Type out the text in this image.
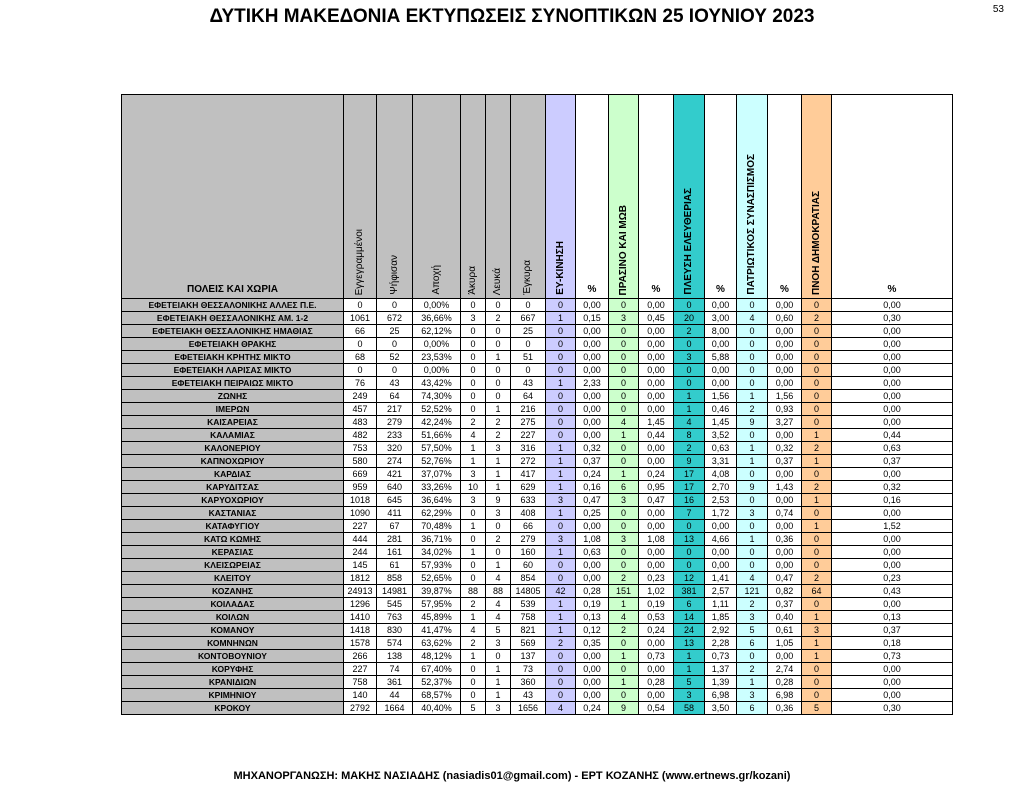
ΔΥΤΙΚΗ ΜΑΚΕΔΟΝΙΑ ΕΚΤΥΠΩΣΕΙΣ ΣΥΝΟΠΤΙΚΩΝ 25 ΙΟΥΝΙΟΥ 2023	53
ΠΟΛΕΙΣ ΚΑΙ ΧΩΡΙΑ	Εγγεγραμμένοι	Ψήφισαν	Αποχή	Άκυρα	Λευκά	Έγκυρα	ΕΥ-ΚΙΝΗΣΗ	%	ΠΡΑΣΙΝΟ ΚΑΙ ΜΩΒ	%	ΠΛΕΥΣΗ ΕΛΕΥΘΕΡΙΑΣ	%	ΠΑΤΡΙΩΤΙΚΟΣ ΣΥΝΑΣΠΙΣΜΟΣ	%	ΠΝΟΗ ΔΗΜΟΚΡΑΤΙΑΣ	%
ΕΦΕΤΕΙΑΚΗ ΘΕΣΣΑΛΟΝΙΚΗΣ ΑΛΛΕΣ Π.Ε.	0	0	0,00%	0	0	0	0	0,00	0	0,00	0	0,00	0	0,00	0	0,00
ΕΦΕΤΕΙΑΚΗ ΘΕΣΣΑΛΟΝΙΚΗΣ ΑΜ. 1-2	1061	672	36,66%	3	2	667	1	0,15	3	0,45	20	3,00	4	0,60	2	0,30
ΕΦΕΤΕΙΑΚΗ ΘΕΣΣΑΛΟΝΙΚΗΣ ΗΜΑΘΙΑΣ	66	25	62,12%	0	0	25	0	0,00	0	0,00	2	8,00	0	0,00	0	0,00
ΕΦΕΤΕΙΑΚΗ ΘΡΑΚΗΣ	0	0	0,00%	0	0	0	0	0,00	0	0,00	0	0,00	0	0,00	0	0,00
ΕΦΕΤΕΙΑΚΗ ΚΡΗΤΗΣ ΜΙΚΤΟ	68	52	23,53%	0	1	51	0	0,00	0	0,00	3	5,88	0	0,00	0	0,00
ΕΦΕΤΕΙΑΚΗ ΛΑΡΙΣΑΣ ΜΙΚΤΟ	0	0	0,00%	0	0	0	0	0,00	0	0,00	0	0,00	0	0,00	0	0,00
ΕΦΕΤΕΙΑΚΗ ΠΕΙΡΑΙΩΣ ΜΙΚΤΟ	76	43	43,42%	0	0	43	1	2,33	0	0,00	0	0,00	0	0,00	0	0,00
ΖΩΝΗΣ	249	64	74,30%	0	0	64	0	0,00	0	0,00	1	1,56	1	1,56	0	0,00
ΙΜΕΡΩΝ	457	217	52,52%	0	1	216	0	0,00	0	0,00	1	0,46	2	0,93	0	0,00
ΚΑΙΣΑΡΕΙΑΣ	483	279	42,24%	2	2	275	0	0,00	4	1,45	4	1,45	9	3,27	0	0,00
ΚΑΛΑΜΙΑΣ	482	233	51,66%	4	2	227	0	0,00	1	0,44	8	3,52	0	0,00	1	0,44
ΚΑΛΟΝΕΡΙΟΥ	753	320	57,50%	1	3	316	1	0,32	0	0,00	2	0,63	1	0,32	2	0,63
ΚΑΠΝΟΧΩΡΙΟΥ	580	274	52,76%	1	1	272	1	0,37	0	0,00	9	3,31	1	0,37	1	0,37
ΚΑΡΔΙΑΣ	669	421	37,07%	3	1	417	1	0,24	1	0,24	17	4,08	0	0,00	0	0,00
ΚΑΡΥΔΙΤΣΑΣ	959	640	33,26%	10	1	629	1	0,16	6	0,95	17	2,70	9	1,43	2	0,32
ΚΑΡΥΟΧΩΡΙΟΥ	1018	645	36,64%	3	9	633	3	0,47	3	0,47	16	2,53	0	0,00	1	0,16
ΚΑΣΤΑΝΙΑΣ	1090	411	62,29%	0	3	408	1	0,25	0	0,00	7	1,72	3	0,74	0	0,00
ΚΑΤΑΦΥΓΙΟΥ	227	67	70,48%	1	0	66	0	0,00	0	0,00	0	0,00	0	0,00	1	1,52
ΚΑΤΩ ΚΩΜΗΣ	444	281	36,71%	0	2	279	3	1,08	3	1,08	13	4,66	1	0,36	0	0,00
ΚΕΡΑΣΙΑΣ	244	161	34,02%	1	0	160	1	0,63	0	0,00	0	0,00	0	0,00	0	0,00
ΚΛΕΙΣΩΡΕΙΑΣ	145	61	57,93%	0	1	60	0	0,00	0	0,00	0	0,00	0	0,00	0	0,00
ΚΛΕΙΤΟΥ	1812	858	52,65%	0	4	854	0	0,00	2	0,23	12	1,41	4	0,47	2	0,23
ΚΟΖΑΝΗΣ	24913	14981	39,87%	88	88	14805	42	0,28	151	1,02	381	2,57	121	0,82	64	0,43
ΚΟΙΛΑΔΑΣ	1296	545	57,95%	2	4	539	1	0,19	1	0,19	6	1,11	2	0,37	0	0,00
ΚΟΙΛΩΝ	1410	763	45,89%	1	4	758	1	0,13	4	0,53	14	1,85	3	0,40	1	0,13
ΚΟΜΑΝΟΥ	1418	830	41,47%	4	5	821	1	0,12	2	0,24	24	2,92	5	0,61	3	0,37
ΚΟΜΝΗΝΩΝ	1578	574	63,62%	2	3	569	2	0,35	0	0,00	13	2,28	6	1,05	1	0,18
ΚΟΝΤΟΒΟΥΝΙΟΥ	266	138	48,12%	1	0	137	0	0,00	1	0,73	1	0,73	0	0,00	1	0,73
ΚΟΡΥΦΗΣ	227	74	67,40%	0	1	73	0	0,00	0	0,00	1	1,37	2	2,74	0	0,00
ΚΡΑΝΙΔΙΩΝ	758	361	52,37%	0	1	360	0	0,00	1	0,28	5	1,39	1	0,28	0	0,00
ΚΡΙΜΗΝΙΟΥ	140	44	68,57%	0	1	43	0	0,00	0	0,00	3	6,98	3	6,98	0	0,00
ΚΡΟΚΟΥ	2792	1664	40,40%	5	3	1656	4	0,24	9	0,54	58	3,50	6	0,36	5	0,30
ΜΗΧΑΝΟΡΓΑΝΩΣΗ: ΜΑΚΗΣ ΝΑΣΙΑΔΗΣ (nasiadis01@gmail.com) - ΕΡΤ ΚΟΖΑΝΗΣ (www.ertnews.gr/kozani)
